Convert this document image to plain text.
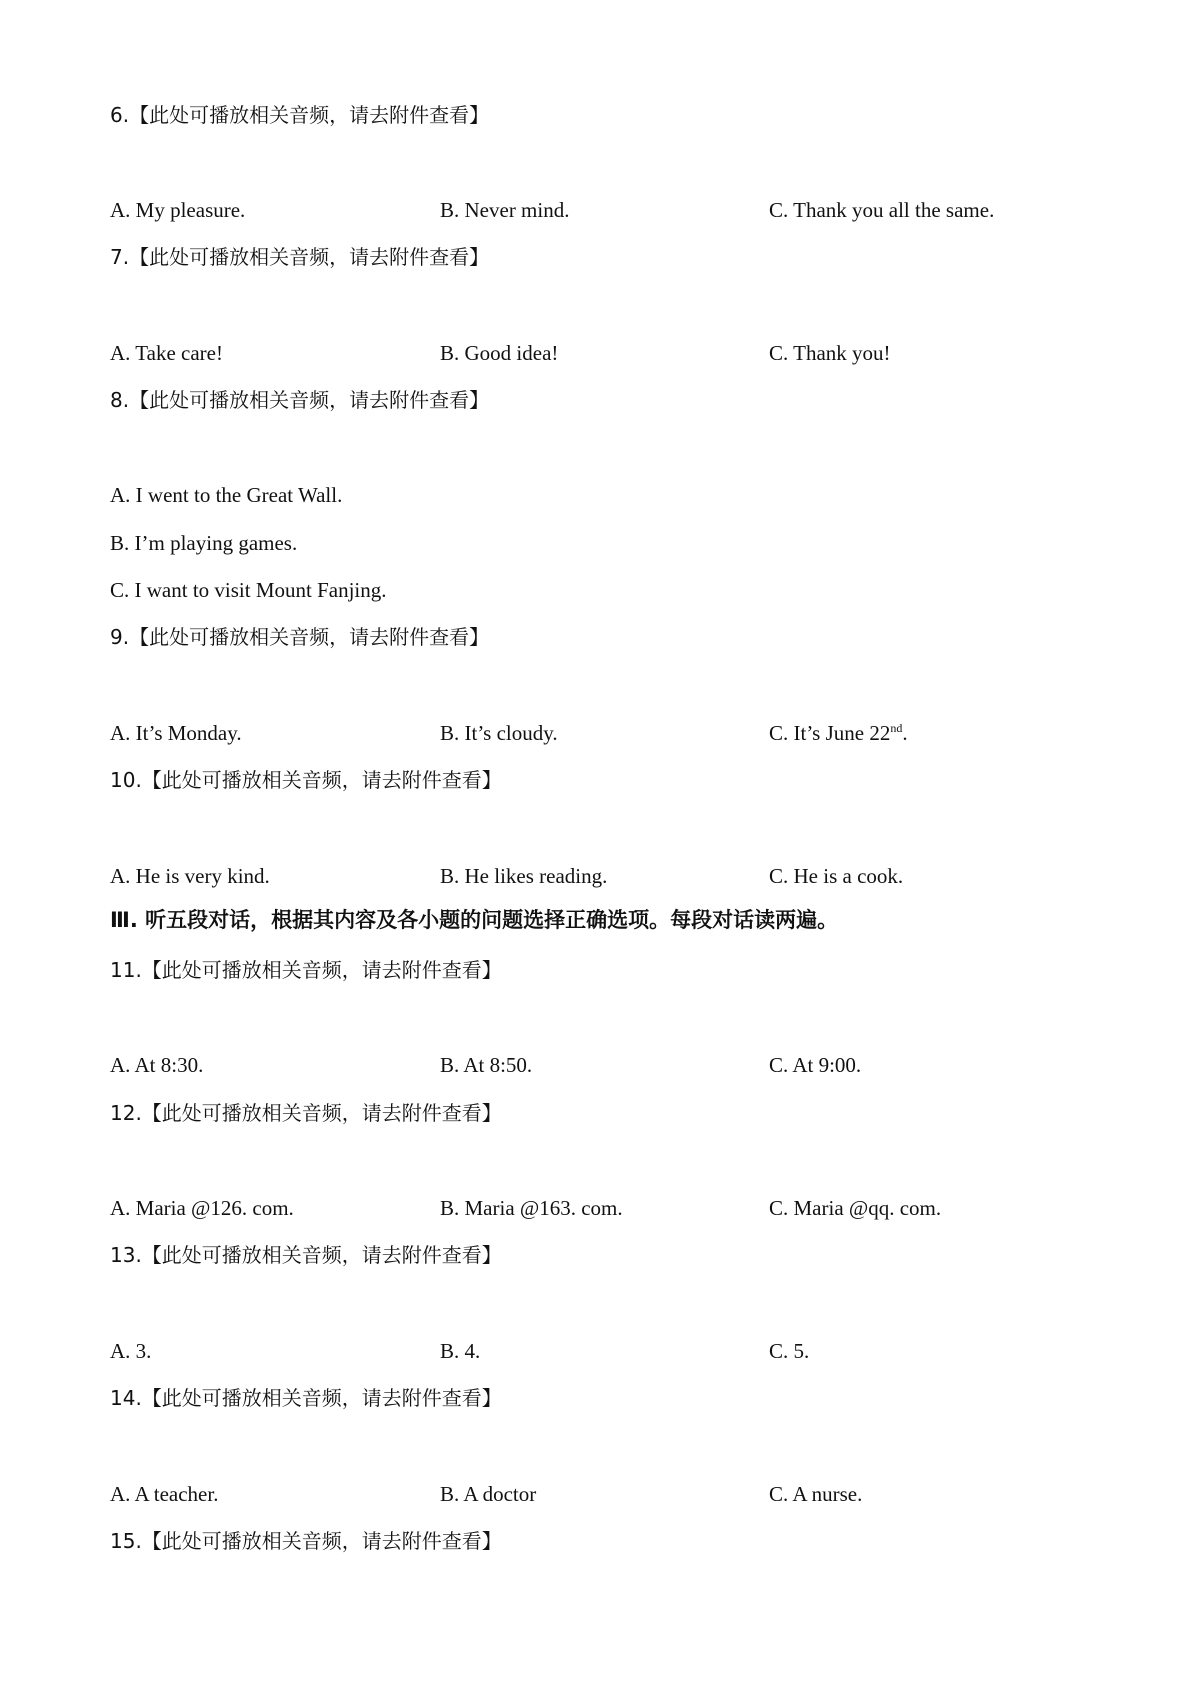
6.【此处可播放相关音频，请去附件查看】
A. My pleasure.	B. Never mind.	C. Thank you all the same.
7.【此处可播放相关音频，请去附件查看】
A. Take care!	B. Good idea!	C. Thank you!
8.【此处可播放相关音频，请去附件查看】
A. I went to the Great Wall.
B. I’m playing games.
C. I want to visit Mount Fanjing.
9.【此处可播放相关音频，请去附件查看】
A. It’s Monday.	B. It’s cloudy.	C. It’s June 22nd.
10.【此处可播放相关音频，请去附件查看】
A. He is very kind.	B. He likes reading.	C. He is a cook.
Ⅲ. 听五段对话，根据其内容及各小题的问题选择正确选项。每段对话读两遍。
11.【此处可播放相关音频，请去附件查看】
A. At 8:30.	B. At 8:50.	C. At 9:00.
12.【此处可播放相关音频，请去附件查看】
A. Maria @126. com.	B. Maria @163. com.	C. Maria @qq. com.
13.【此处可播放相关音频，请去附件查看】
A. 3.	B. 4.	C. 5.
14.【此处可播放相关音频，请去附件查看】
A. A teacher.	B. A doctor	C. A nurse.
15.【此处可播放相关音频，请去附件查看】
